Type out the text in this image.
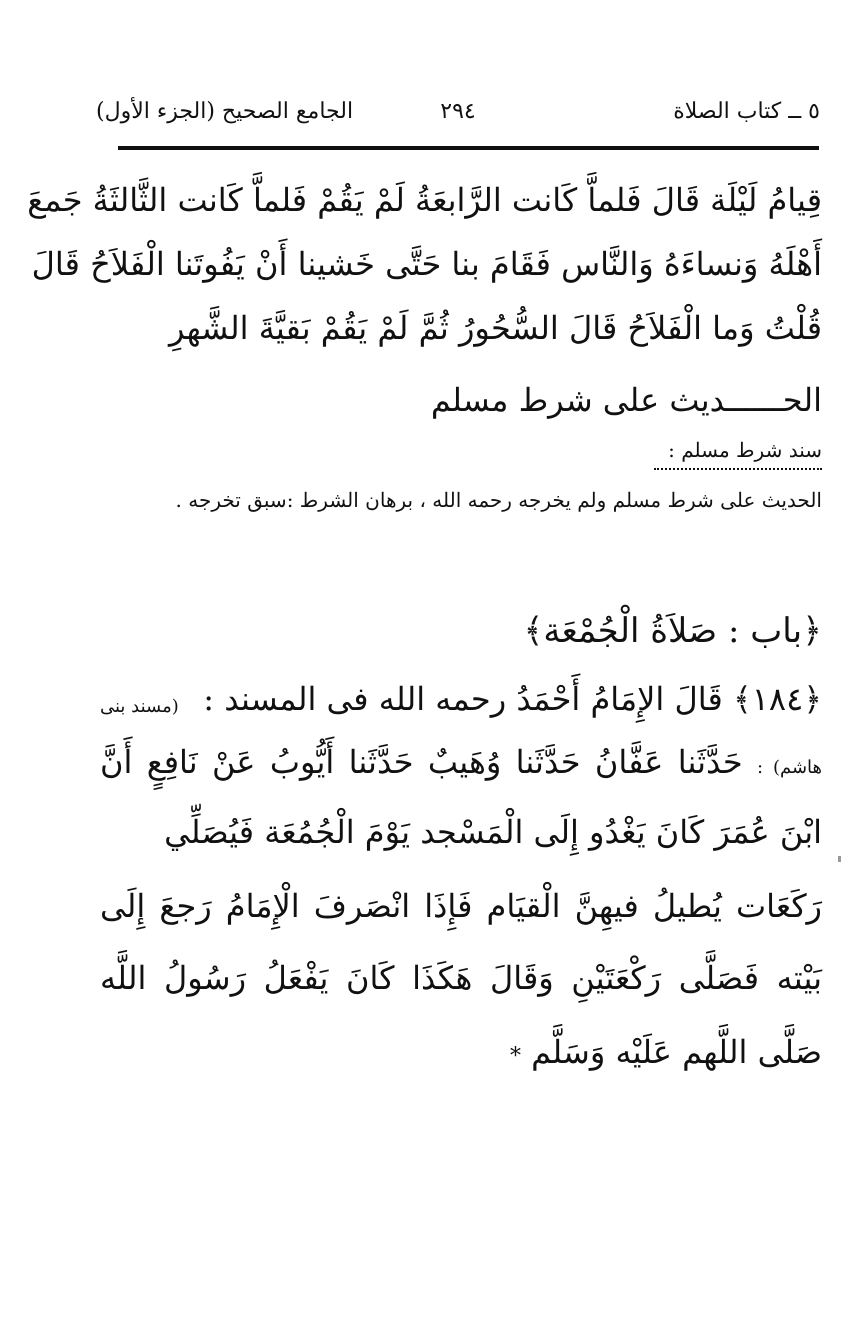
٥ ــ كتاب الصلاة
٢٩٤
الجامع الصحيح (الجزء الأول)
قِيامُ لَيْلَة قَالَ فَلماَّ كَانت الرَّابعَةُ لَمْ يَقُمْ فَلماَّ كَانت الثَّالثَةُ جَمعَ
أَهْلَهُ وَنساءَهُ وَالنَّاس فَقَامَ بنا حَتَّى خَشينا أَنْ يَفُوتَنا الْفَلاَحُ قَالَ
قُلْتُ وَما الْفَلاَحُ قَالَ السُّحُورُ ثُمَّ لَمْ يَقُمْ بَقيَّةَ الشَّهرِ
الحــــــديث على شرط مسلم
سند شرط مسلم :
الحديث على شرط مسلم ولم يخرجه رحمه الله ، برهان الشرط :سبق تخرجه .
﴿باب : صَلاَةُ الْجُمْعَة﴾
﴿١٨٤﴾ قَالَ الإِمَامُ أَحْمَدُ رحمه الله فى المسند :
(مسند بنى
هاشم) : حَدَّثَنا عَفَّانُ حَدَّثَنا وُهَيبٌ حَدَّثَنا أَيُّوبُ عَنْ نَافِعٍ أَنَّ
ابْنَ عُمَرَ كَانَ يَغْدُو إِلَى الْمَسْجد يَوْمَ الْجُمُعَة فَيُصَلِّي
رَكَعَات يُطيلُ فيهِنَّ الْقيَام فَإِذَا انْصَرفَ الْإِمَامُ رَجعَ إِلَى
بَيْته فَصَلَّى رَكْعَتَيْنِ وَقَالَ هَكَذَا كَانَ يَفْعَلُ رَسُولُ اللَّه
صَلَّى اللَّهم عَلَيْه وَسَلَّم *
